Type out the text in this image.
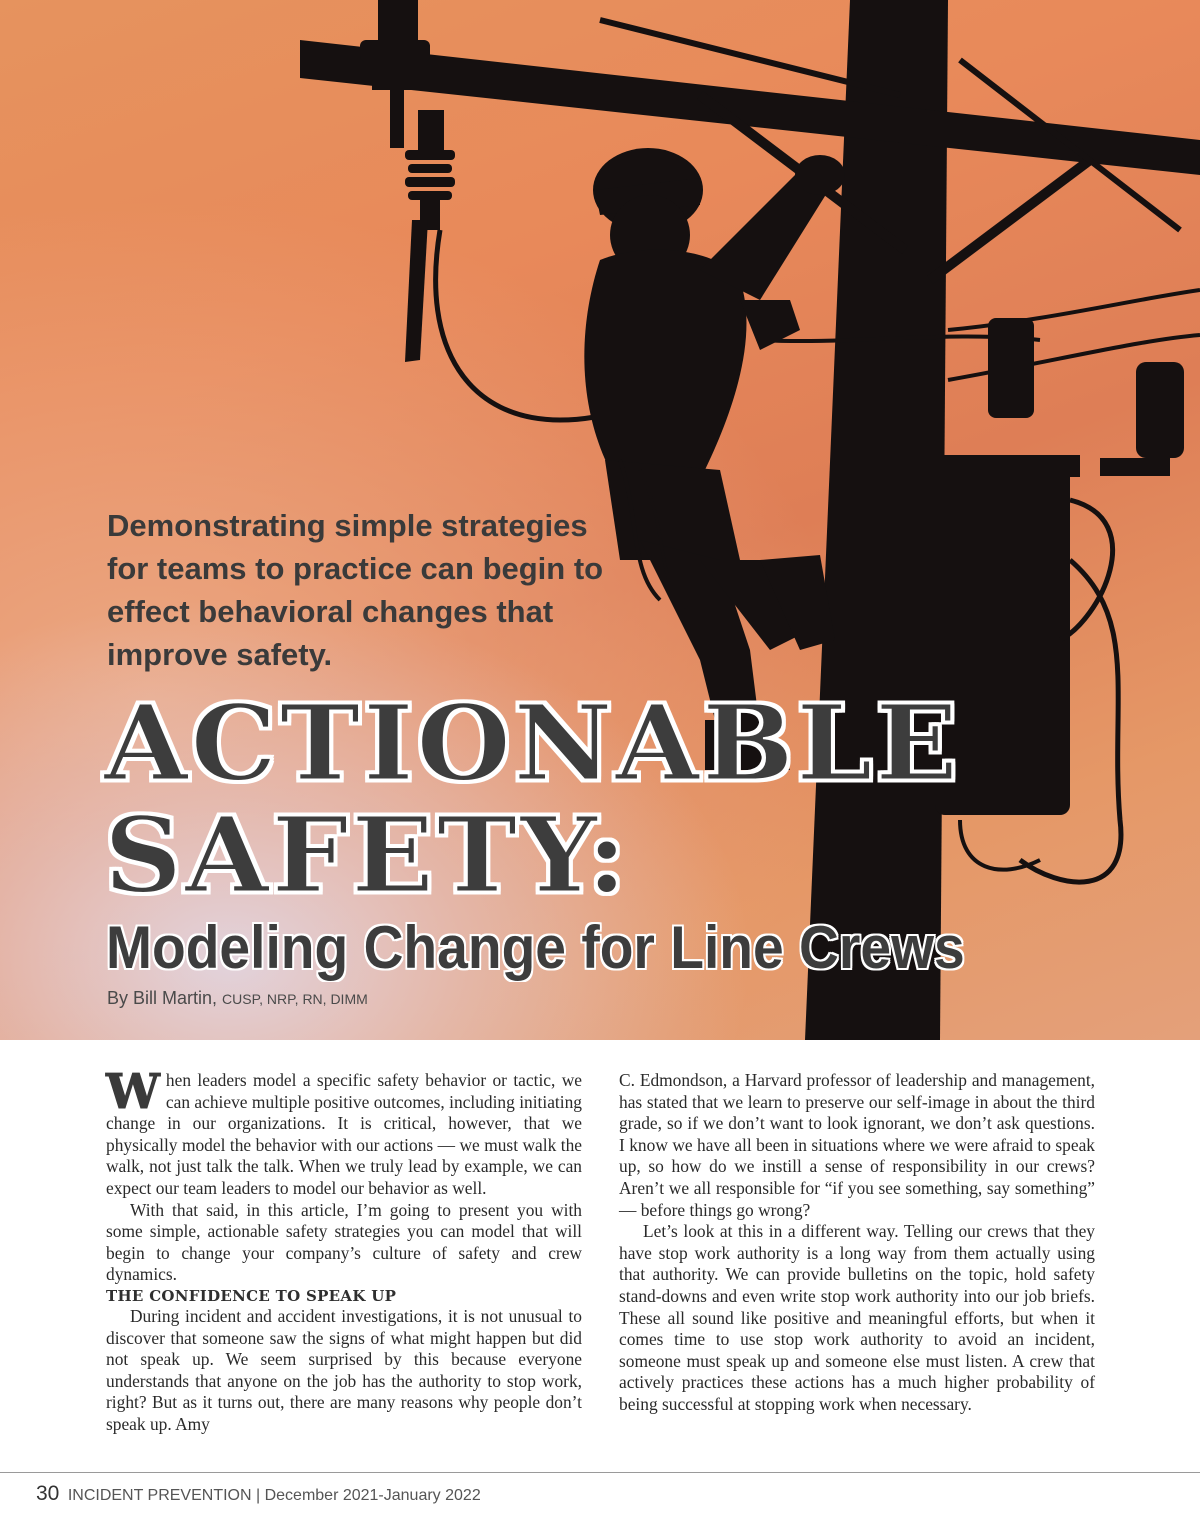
Demonstrating simple strategies for teams to practice can begin to effect behavioral changes that improve safety.

ACTIONABLE

SAFETY:

Modeling Change for Line Crews

By Bill Martin, CUSP, NRP, RN, DIMM

When leaders model a specific safety behavior or tactic, we can achieve multiple positive outcomes, including initiating change in our organizations. It is critical, however, that we physically model the behavior with our actions — we must walk the walk, not just talk the talk. When we truly lead by example, we can expect our team leaders to model our behavior as well.

With that said, in this article, I’m going to present you with some simple, actionable safety strategies you can model that will begin to change your company’s culture of safety and crew dynamics.

THE CONFIDENCE TO SPEAK UP

During incident and accident investigations, it is not unusual to discover that someone saw the signs of what might happen but did not speak up. We seem surprised by this because everyone understands that anyone on the job has the authority to stop work, right? But as it turns out, there are many reasons why people don’t speak up. Amy

C. Edmondson, a Harvard professor of leadership and management, has stated that we learn to preserve our self-image in about the third grade, so if we don’t want to look ignorant, we don’t ask questions. I know we have all been in situations where we were afraid to speak up, so how do we instill a sense of responsibility in our crews? Aren’t we all responsible for “if you see something, say something” — before things go wrong?

Let’s look at this in a different way. Telling our crews that they have stop work authority is a long way from them actually using that authority. We can provide bulletins on the topic, hold safety stand-downs and even write stop work authority into our job briefs. These all sound like positive and meaningful efforts, but when it comes time to use stop work authority to avoid an incident, someone must speak up and someone else must listen. A crew that actively practices these actions has a much higher probability of being successful at stopping work when necessary.

30 INCIDENT PREVENTION | December 2021-January 2022
